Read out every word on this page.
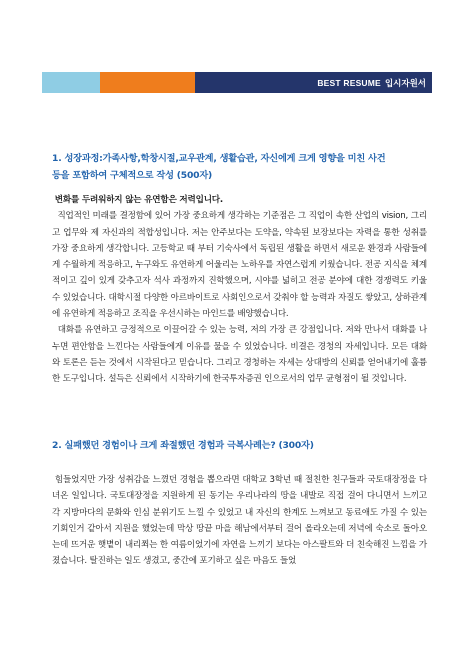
BEST RESUME 입시자원서
1. 성장과정:가족사항,학창시절,교우관계, 생활습관, 자신에게 크게 영향을 미친 사건
등을 포함하여 구체적으로 작성 (500자)

변화를 두려워하지 않는 유연함은 저력입니다.

직업적인 미래를 결정함에 있어 가장 중요하게 생각하는 기준점은 그 직업이 속한 산업의 vision, 그리고 업무와 제 자신과의 적합성입니다. 저는 안주보다는 도약을, 약속된 보장보다는 자력을 통한 성취를 가장 중요하게 생각합니다. 고등학교 때 부터 기숙사에서 독립된 생활을 하면서 새로운 환경과 사람들에게 수월하게 적응하고, 누구와도 유연하게 어울리는 노하우를 자연스럽게 키웠습니다. 전공 지식을 체계적이고 깊이 있게 갖추고자 석사 과정까지 진학했으며, 시야를 넓히고 전공 분야에 대한 경쟁력도 키울 수 있었습니다. 대학시절 다양한 아르바이트로 사회인으로서 갖춰야 할 능력과 자질도 쌓았고, 상하관계에 유연하게 적응하고 조직을 우선시하는 마인드를 배양했습니다.

대화를 유연하고 긍정적으로 이끌어갈 수 있는 능력, 저의 가장 큰 강점입니다. 저와 만나서 대화를 나누면 편안함을 느낀다는 사람들에게 이유를 물을 수 있었습니다. 비결은 경청의 자세입니다. 모든 대화와 토론은 듣는 것에서 시작된다고 믿습니다. 그리고 경청하는 자세는 상대방의 신뢰를 얻어내기에 훌륭한 도구입니다. 설득은 신뢰에서 시작하기에 한국투자증권 인으로서의 업무 균형점이 될 것입니다.

2. 실패했던 경험이나 크게 좌절했던 경험과 극복사례는? (300자)

힘들었지만 가장 성취감을 느꼈던 경험을 뽑으라면 대학교 3학년 때 절친한 친구들과 국토대장정을 다녀온 일입니다. 국토대장정을 지원하게 된 동기는 우리나라의 땅을 내발로 직접 걸어 다니면서 느끼고 각 지방마다의 문화와 인심 분위기도 느낄 수 있었고 내 자신의 한계도 느껴보고 동료애도 가질 수 있는 기회인거 같아서 지원을 했었는데 막상 땅끝 마을 해남에서부터 걸어 올라오는데 저녁에 숙소로 돌아오는데 뜨거운 햇볕이 내리쬐는 한 여름이었기에 자연을 느끼기 보다는 아스팔트와 더 친숙해진 느낌을 가졌습니다. 탈진하는 일도 생겼고, 중간에 포기하고 싶은 마음도 들었
